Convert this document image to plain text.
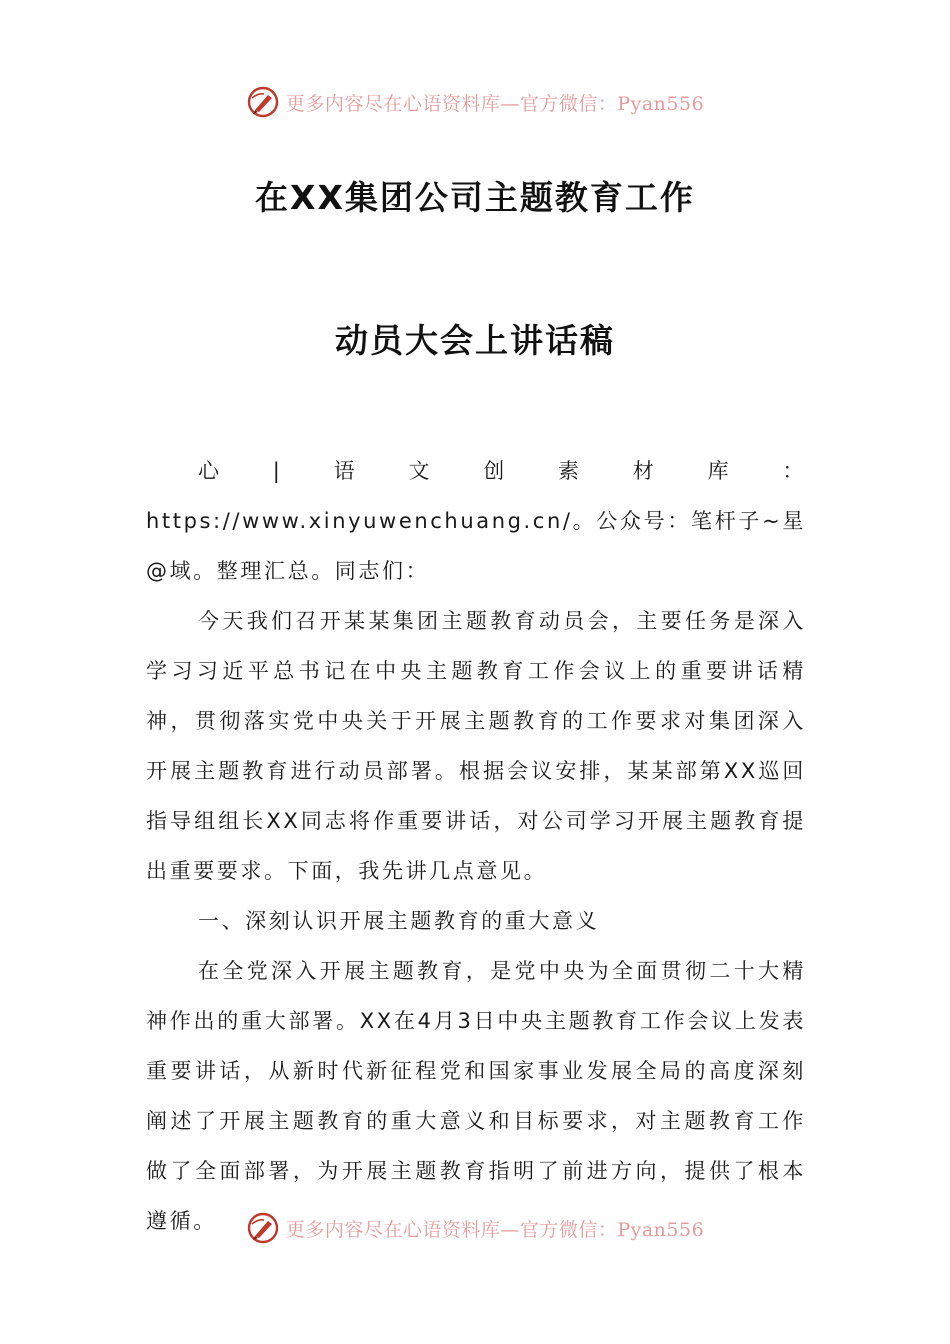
更多内容尽在心语资料库—官方微信：Pyan556
在XX集团公司主题教育工作
动员大会上讲话稿

心|语文创素材库：https://www.xinyuwenchuang.cn/。公众号：笔杆子~星@域。整理汇总。同志们：

今天我们召开某某集团主题教育动员会，主要任务是深入学习习近平总书记在中央主题教育工作会议上的重要讲话精神，贯彻落实党中央关于开展主题教育的工作要求对集团深入开展主题教育进行动员部署。根据会议安排，某某部第XX巡回指导组组长XX同志将作重要讲话，对公司学习开展主题教育提出重要要求。下面，我先讲几点意见。

一、深刻认识开展主题教育的重大意义

在全党深入开展主题教育，是党中央为全面贯彻二十大精神作出的重大部署。XX在4月3日中央主题教育工作会议上发表重要讲话，从新时代新征程党和国家事业发展全局的高度深刻阐述了开展主题教育的重大意义和目标要求，对主题教育工作做了全面部署，为开展主题教育指明了前进方向，提供了根本遵循。	更多内容尽在心语资料库—官方微信：Pyan556
